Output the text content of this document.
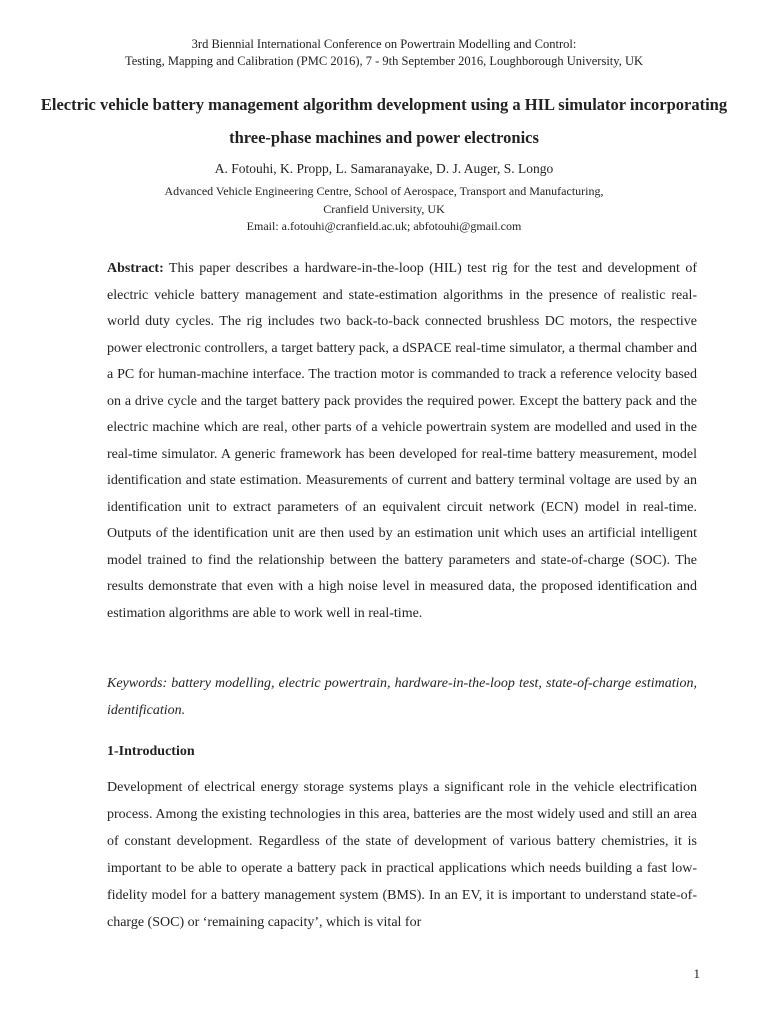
3rd Biennial International Conference on Powertrain Modelling and Control:
Testing, Mapping and Calibration (PMC 2016), 7 - 9th September 2016, Loughborough University, UK
Electric vehicle battery management algorithm development using a HIL simulator incorporating three-phase machines and power electronics
A. Fotouhi, K. Propp, L. Samaranayake, D. J. Auger, S. Longo
Advanced Vehicle Engineering Centre, School of Aerospace, Transport and Manufacturing,
Cranfield University, UK
Email: a.fotouhi@cranfield.ac.uk; abfotouhi@gmail.com

Abstract: This paper describes a hardware-in-the-loop (HIL) test rig for the test and development of electric vehicle battery management and state-estimation algorithms in the presence of realistic real-world duty cycles. The rig includes two back-to-back connected brushless DC motors, the respective power electronic controllers, a target battery pack, a dSPACE real-time simulator, a thermal chamber and a PC for human-machine interface. The traction motor is commanded to track a reference velocity based on a drive cycle and the target battery pack provides the required power. Except the battery pack and the electric machine which are real, other parts of a vehicle powertrain system are modelled and used in the real-time simulator. A generic framework has been developed for real-time battery measurement, model identification and state estimation. Measurements of current and battery terminal voltage are used by an identification unit to extract parameters of an equivalent circuit network (ECN) model in real-time. Outputs of the identification unit are then used by an estimation unit which uses an artificial intelligent model trained to find the relationship between the battery parameters and state-of-charge (SOC). The results demonstrate that even with a high noise level in measured data, the proposed identification and estimation algorithms are able to work well in real-time.

Keywords: battery modelling, electric powertrain, hardware-in-the-loop test, state-of-charge estimation, identification.

1-Introduction

Development of electrical energy storage systems plays a significant role in the vehicle electrification process. Among the existing technologies in this area, batteries are the most widely used and still an area of constant development. Regardless of the state of development of various battery chemistries, it is important to be able to operate a battery pack in practical applications which needs building a fast low-fidelity model for a battery management system (BMS). In an EV, it is important to understand state-of-charge (SOC) or ‘remaining capacity’, which is vital for

1
